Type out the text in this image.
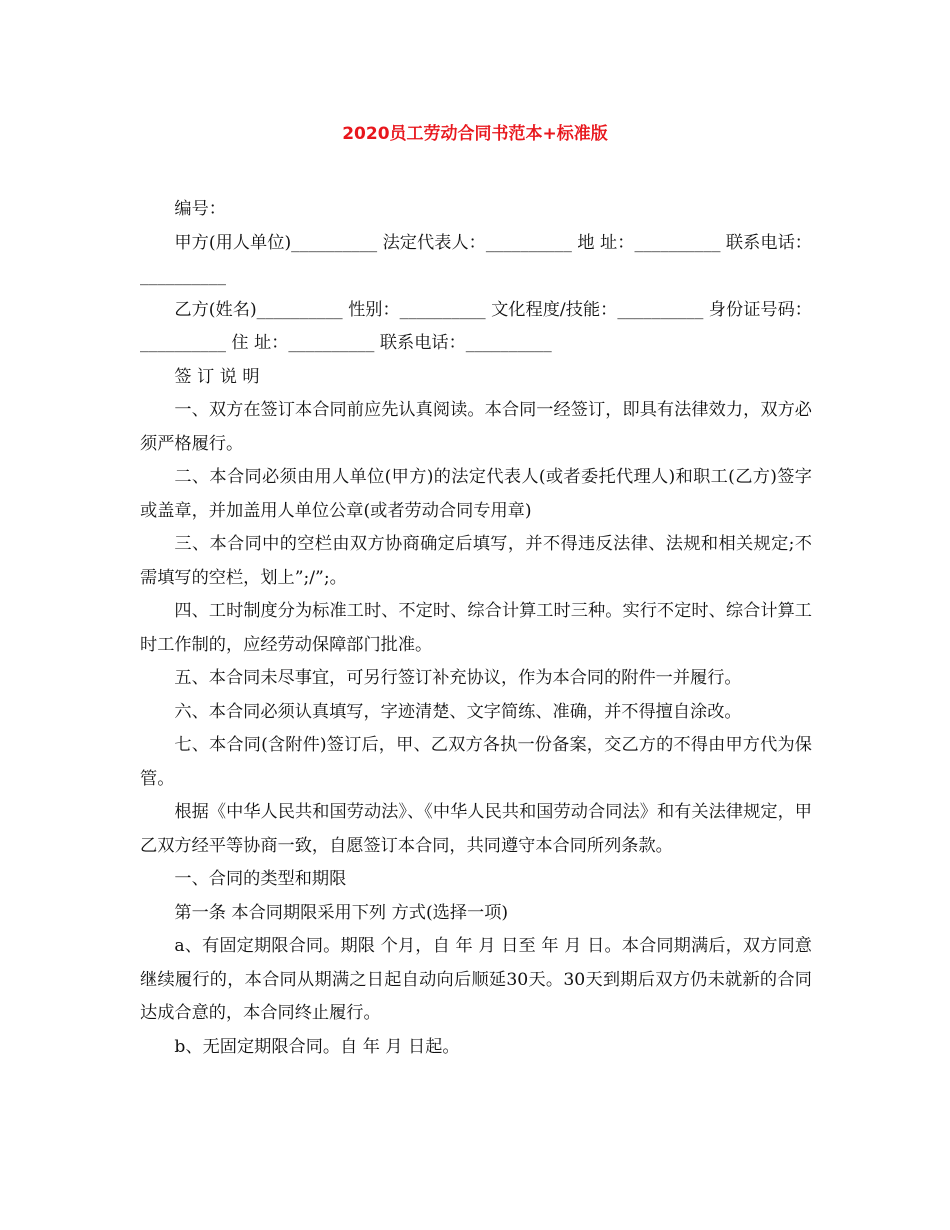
2020员工劳动合同书范本+标准版

编号：

甲方(用人单位)__________ 法定代表人：__________ 地 址：__________ 联系电话：__________

乙方(姓名)__________ 性别：__________ 文化程度/技能：__________ 身份证号码：__________ 住 址：__________ 联系电话：__________

签 订 说 明

一、双方在签订本合同前应先认真阅读。本合同一经签订，即具有法律效力，双方必须严格履行。

二、本合同必须由用人单位(甲方)的法定代表人(或者委托代理人)和职工(乙方)签字或盖章，并加盖用人单位公章(或者劳动合同专用章)

三、本合同中的空栏由双方协商确定后填写，并不得违反法律、法规和相关规定;不需填写的空栏，划上”;/”;。

四、工时制度分为标准工时、不定时、综合计算工时三种。实行不定时、综合计算工时工作制的，应经劳动保障部门批准。

五、本合同未尽事宜，可另行签订补充协议，作为本合同的附件一并履行。

六、本合同必须认真填写，字迹清楚、文字简练、准确，并不得擅自涂改。

七、本合同(含附件)签订后，甲、乙双方各执一份备案，交乙方的不得由甲方代为保管。

根据《中华人民共和国劳动法》、《中华人民共和国劳动合同法》和有关法律规定，甲乙双方经平等协商一致，自愿签订本合同，共同遵守本合同所列条款。

一、合同的类型和期限

第一条 本合同期限采用下列 方式(选择一项)

a、有固定期限合同。期限 个月，自 年 月 日至 年 月 日。本合同期满后，双方同意继续履行的，本合同从期满之日起自动向后顺延30天。30天到期后双方仍未就新的合同达成合意的，本合同终止履行。

b、无固定期限合同。自 年 月 日起。
